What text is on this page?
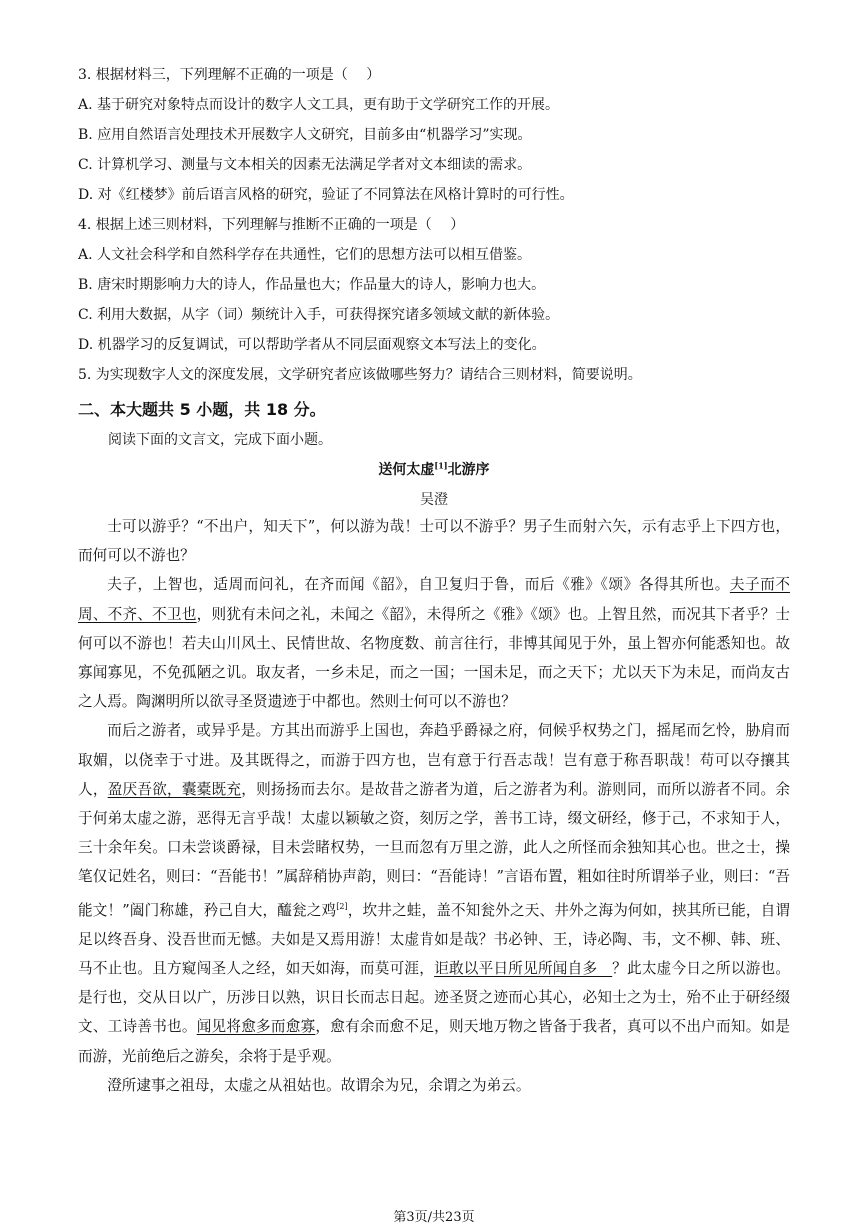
3. 根据材料三，下列理解不正确的一项是（　 ）
A. 基于研究对象特点而设计的数字人文工具，更有助于文学研究工作的开展。
B. 应用自然语言处理技术开展数字人文研究，目前多由“机器学习”实现。
C. 计算机学习、测量与文本相关的因素无法满足学者对文本细读的需求。
D. 对《红楼梦》前后语言风格的研究，验证了不同算法在风格计算时的可行性。
4. 根据上述三则材料，下列理解与推断不正确的一项是（　 ）
A. 人文社会科学和自然科学存在共通性，它们的思想方法可以相互借鉴。
B. 唐宋时期影响力大的诗人，作品量也大；作品量大的诗人，影响力也大。
C. 利用大数据，从字（词）频统计入手，可获得探究诸多领域文献的新体验。
D. 机器学习的反复调试，可以帮助学者从不同层面观察文本写法上的变化。
5. 为实现数字人文的深度发展，文学研究者应该做哪些努力？请结合三则材料，简要说明。
二、本大题共 5 小题，共 18 分。
阅读下面的文言文，完成下面小题。
送何太虚[1]北游序
吴澄

士可以游乎？“不出户，知天下”，何以游为哉！士可以不游乎？男子生而射六矢，示有志乎上下四方也，而何可以不游也？

夫子，上智也，适周而问礼，在齐而闻《韶》，自卫复归于鲁，而后《雅》《颂》各得其所也。夫子而不周、不齐、不卫也，则犹有未问之礼，未闻之《韶》，未得所之《雅》《颂》也。上智且然，而况其下者乎？士何可以不游也！若夫山川风土、民情世故、名物度数、前言往行，非博其闻见于外，虽上智亦何能悉知也。故寡闻寡见，不免孤陋之讥。取友者，一乡未足，而之一国；一国未足，而之天下；尤以天下为未足，而尚友古之人焉。陶渊明所以欲寻圣贤遗迹于中都也。然则士何可以不游也？

而后之游者，或异乎是。方其出而游乎上国也，奔趋乎爵禄之府，伺候乎权势之门，摇尾而乞怜，胁肩而取媚，以侥幸于寸进。及其既得之，而游于四方也，岂有意于行吾志哉！岂有意于称吾职哉！苟可以夺攘其人，盈厌吾欲，囊橐既充，则扬扬而去尔。是故昔之游者为道，后之游者为利。游则同，而所以游者不同。余于何弟太虚之游，恶得无言乎哉！太虚以颖敏之资，刻厉之学，善书工诗，缀文研经，修于己，不求知于人，三十余年矣。口未尝谈爵禄，目未尝睹权势，一旦而忽有万里之游，此人之所怪而余独知其心也。世之士，操笔仅记姓名，则曰：“吾能书！”属辞稍协声韵，则曰：“吾能诗！”言语布置，粗如往时所谓举子业，则曰：“吾能文！”阖门称雄，矜己自大，醯瓮之鸡[2]，坎井之蛙，盖不知瓮外之天、井外之海为何如，挟其所已能，自谓足以终吾身、没吾世而无憾。夫如是又焉用游！太虚肯如是哉？书必钟、王，诗必陶、韦，文不柳、韩、班、马不止也。且方窥闯圣人之经，如天如海，而莫可涯，讵敢以平日所见所闻自多　？此太虚今日之所以游也。是行也，交从日以广，历涉日以熟，识日长而志日起。迹圣贤之迹而心其心，必知士之为士，殆不止于研经缀文、工诗善书也。闻见将愈多而愈寡，愈有余而愈不足，则天地万物之皆备于我者，真可以不出户而知。如是而游，光前绝后之游矣，余将于是乎观。

澄所逮事之祖母，太虚之从祖姑也。故谓余为兄，余谓之为弟云。

第3页/共23页
